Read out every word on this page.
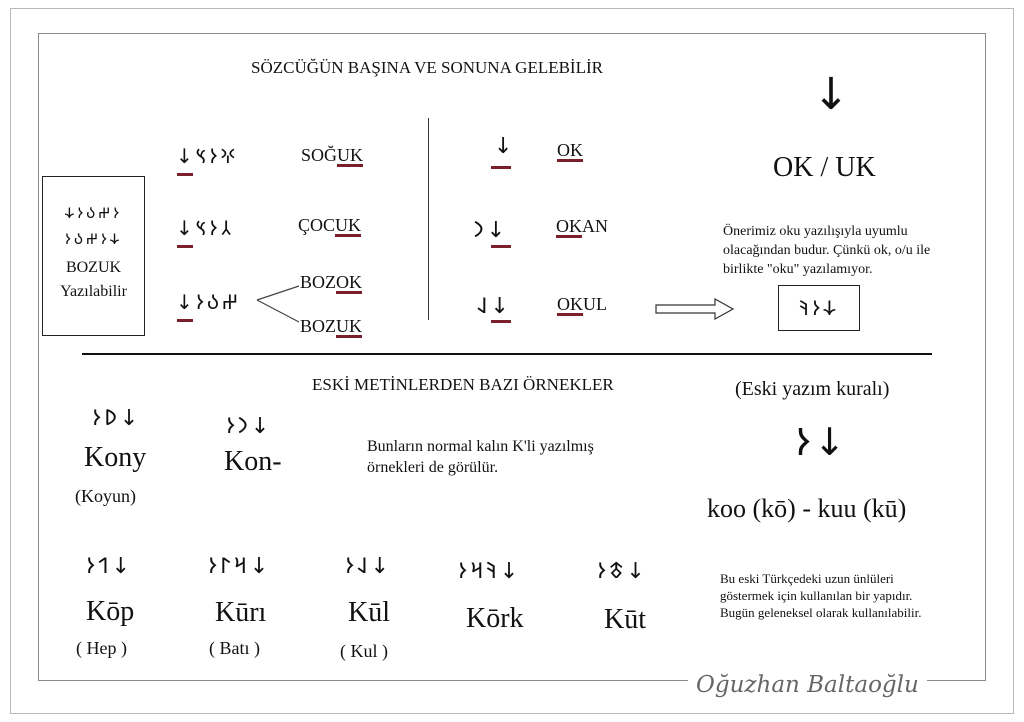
SÖZCÜĞÜN BAŞINA VE SONUNA GELEBİLİR
𐰆𐰔𐰉𐰆𐰸
𐰸𐰆𐰔𐰉𐰆
BOZUK
Yazılabilir
↓𐰍𐰆𐰽
↓𐰲𐰆𐰽
↓𐰔𐰉𐰆
SOĞUK
ÇOCUK
BOZOK
BOZUK
↓
𐰣↓
𐰞↓
OK
OKAN
OKUL
↓
OK / UK
Önerimiz oku yazılışıyla uyumlu olacağından budur. Çünkü ok, o/u ile birlikte "oku" yazılamıyor.
𐰸𐰆𐰚
ESKİ METİNLERDEN BAZI ÖRNEKLER
𐰖𐰆↓
Kony
(Koyun)
𐰣𐰆↓
Kon-	Bunların normal kalın K'li yazılmış örnekleri de görülür.
(Eski yazım kuralı)
𐰆↓
koo (kō) - kuu (kū)
Bu eski Türkçedeki uzun ünlüleri göstermek için kullanılan bir yapıdır. Bugün geleneksel olarak kullanılabilir.
𐰯𐰆↓
Kōp
( Hep )
𐰺𐰃𐰆↓
Kūrı
( Batı )
𐰞𐰆↓
Kūl
( Kul )
𐰚𐰺𐰆↓
Kōrk
𐱃𐰆↓
Kūt
Oğuzhan Baltaoğlu
